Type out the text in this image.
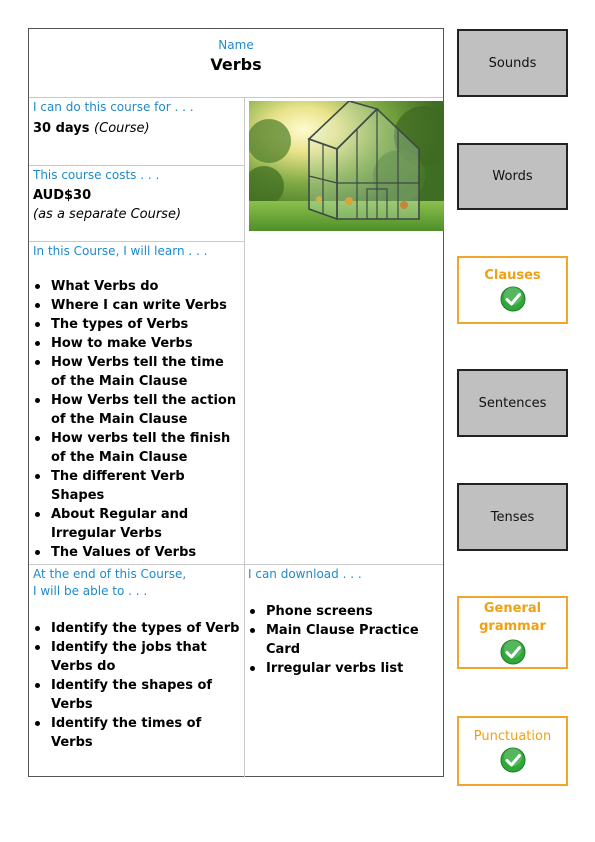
Name
Verbs
I can do this course for . . .
30 days (Course)
This course costs . . .
AUD$30
(as a separate Course)
In this Course, I will learn . . .
What Verbs do
Where I can write Verbs
The types of Verbs
How to make Verbs
How Verbs tell the time of the Main Clause
How Verbs tell the action of the Main Clause
How verbs tell the finish of the Main Clause
The different Verb Shapes
About Regular and Irregular Verbs
The Values of Verbs
At the end of this Course,
I will be able to . . .
Identify the types of Verb
Identify the jobs that Verbs do
Identify the shapes of Verbs
Identify the times of Verbs
I can download . . .
Phone screens
Main Clause Practice Card
Irregular verbs list
Sounds
Words
Clauses
Sentences
Tenses
General grammar
Punctuation
